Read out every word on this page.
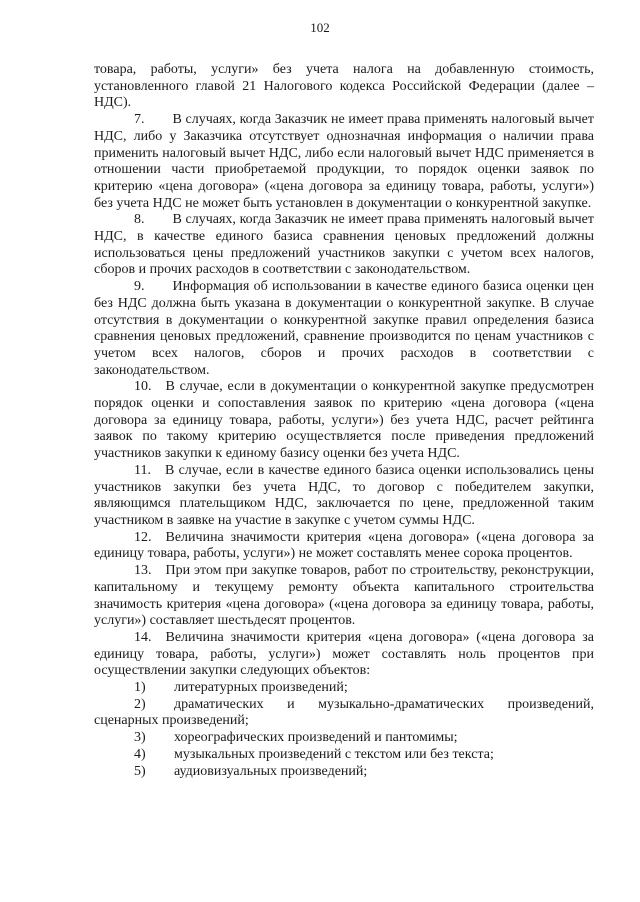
102

товара, работы, услуги» без учета налога на добавленную стоимость, установленного главой 21 Налогового кодекса Российской Федерации (далее – НДС).

7.  В случаях, когда Заказчик не имеет права применять налоговый вычет НДС, либо у Заказчика отсутствует однозначная информация о наличии права применить налоговый вычет НДС, либо если налоговый вычет НДС применяется в отношении части приобретаемой продукции, то порядок оценки заявок по критерию «цена договора» («цена договора за единицу товара, работы, услуги») без учета НДС не может быть установлен в документации о конкурентной закупке.

8.  В случаях, когда Заказчик не имеет права применять налоговый вычет НДС, в качестве единого базиса сравнения ценовых предложений должны использоваться цены предложений участников закупки с учетом всех налогов, сборов и прочих расходов в соответствии с законодательством.

9.  Информация об использовании в качестве единого базиса оценки цен без НДС должна быть указана в документации о конкурентной закупке. В случае отсутствия в документации о конкурентной закупке правил определения базиса сравнения ценовых предложений, сравнение производится по ценам участников с учетом всех налогов, сборов и прочих расходов в соответствии с законодательством.

10. В случае, если в документации о конкурентной закупке предусмотрен порядок оценки и сопоставления заявок по критерию «цена договора («цена договора за единицу товара, работы, услуги») без учета НДС, расчет рейтинга заявок по такому критерию осуществляется после приведения предложений участников закупки к единому базису оценки без учета НДС.

11. В случае, если в качестве единого базиса оценки использовались цены участников закупки без учета НДС, то договор с победителем закупки, являющимся плательщиком НДС, заключается по цене, предложенной таким участником в заявке на участие в закупке с учетом суммы НДС.

12. Величина значимости критерия «цена договора» («цена договора за единицу товара, работы, услуги») не может составлять менее сорока процентов.

13. При этом при закупке товаров, работ по строительству, реконструкции, капитальному и текущему ремонту объекта капитального строительства значимость критерия «цена договора» («цена договора за единицу товара, работы, услуги») составляет шестьдесят процентов.

14. Величина значимости критерия «цена договора» («цена договора за единицу товара, работы, услуги») может составлять ноль процентов при осуществлении закупки следующих объектов:

1)	литературных произведений;

2) драматических и музыкально-драматических произведений, сценарных произведений;

3)	хореографических произведений и пантомимы;
4)	музыкальных произведений с текстом или без текста;
5)	аудиовизуальных произведений;
